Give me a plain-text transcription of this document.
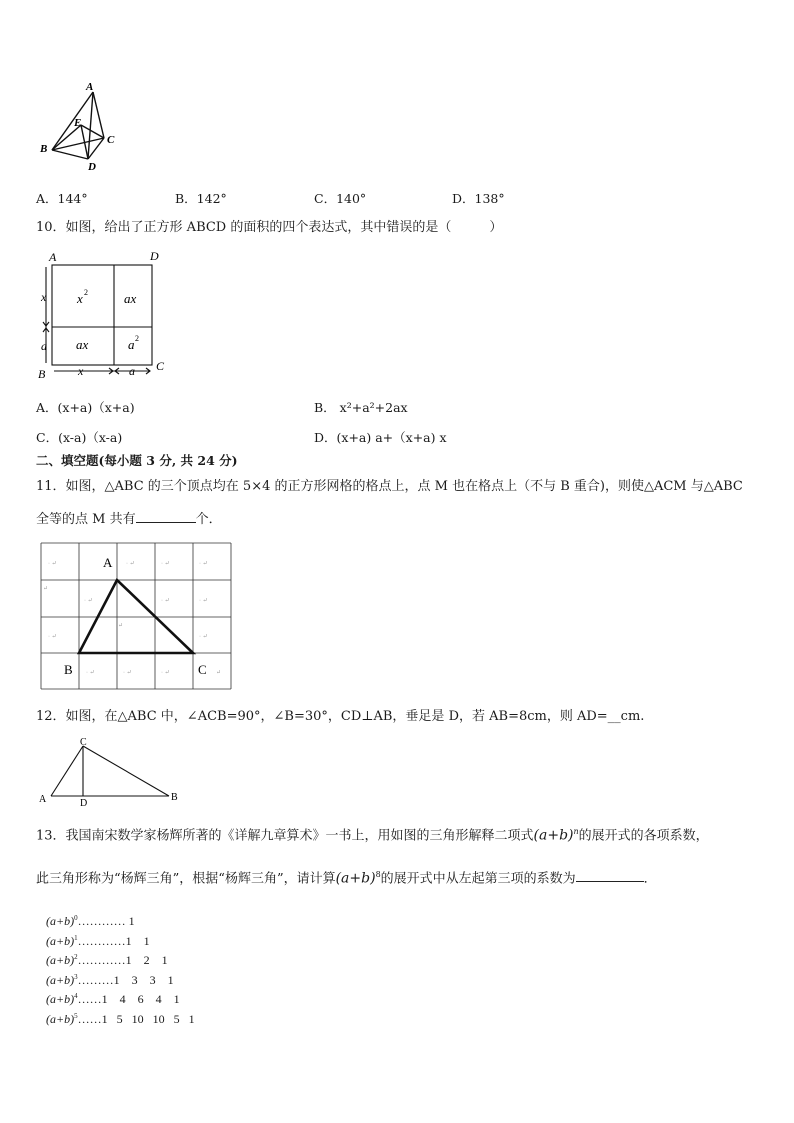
A
B
C
D
E
A．144°	B．142°	C．140°	D．138°
10．如图，给出了正方形 ABCD 的面积的四个表达式，其中错误的是（	）
A	D
B
C
x 2	ax
ax	a 2
x
a
x	a
A．(x+a)（x+a)	B． x²+a²+2ax
C．(x-a)（x-a)	D．(x+a) a+（x+a) x
二、填空题(每小题 3 分, 共 24 分)
11．如图，△ABC 的三个顶点均在 5×4 的正方形网格的格点上，点 M 也在格点上（不与 B 重合)，则使△ACM 与△ABC
全等的点 M 共有	个．
· ↵	· ↵	· ↵	· ↵
↵
· ↵	· ↵	· ↵
· ↵
↵
· ↵
· ↵	· ↵	· ↵	↵
A
B	C
12．如图，在△ABC 中，∠ACB=90°，∠B=30°，CD⊥AB，垂足是 D，若 AB=8cm，则 AD=__cm.
A	B
C
D
13．我国南宋数学家杨辉所著的《详解九章算术》一书上，用如图的三角形解释二项式$(a+b)^n$的展开式的各项系数，
此三角形称为“杨辉三角”，根据“杨辉三角”，请计算$(a+b)^8$的展开式中从左起第三项的系数为	．
$(a+b)^0\dots\dots\dots\dots$ 1
$(a+b)^1\dots\dots\dots\dots 1$    1
$(a+b)^2\dots\dots\dots\dots 1$    2    1
$(a+b)^3\dots\dots\dots 1$    3    3    1
$(a+b)^4\dots\dots 1$    4    6    4    1
$(a+b)^5\dots\dots 1$   5   10   10   5   1
